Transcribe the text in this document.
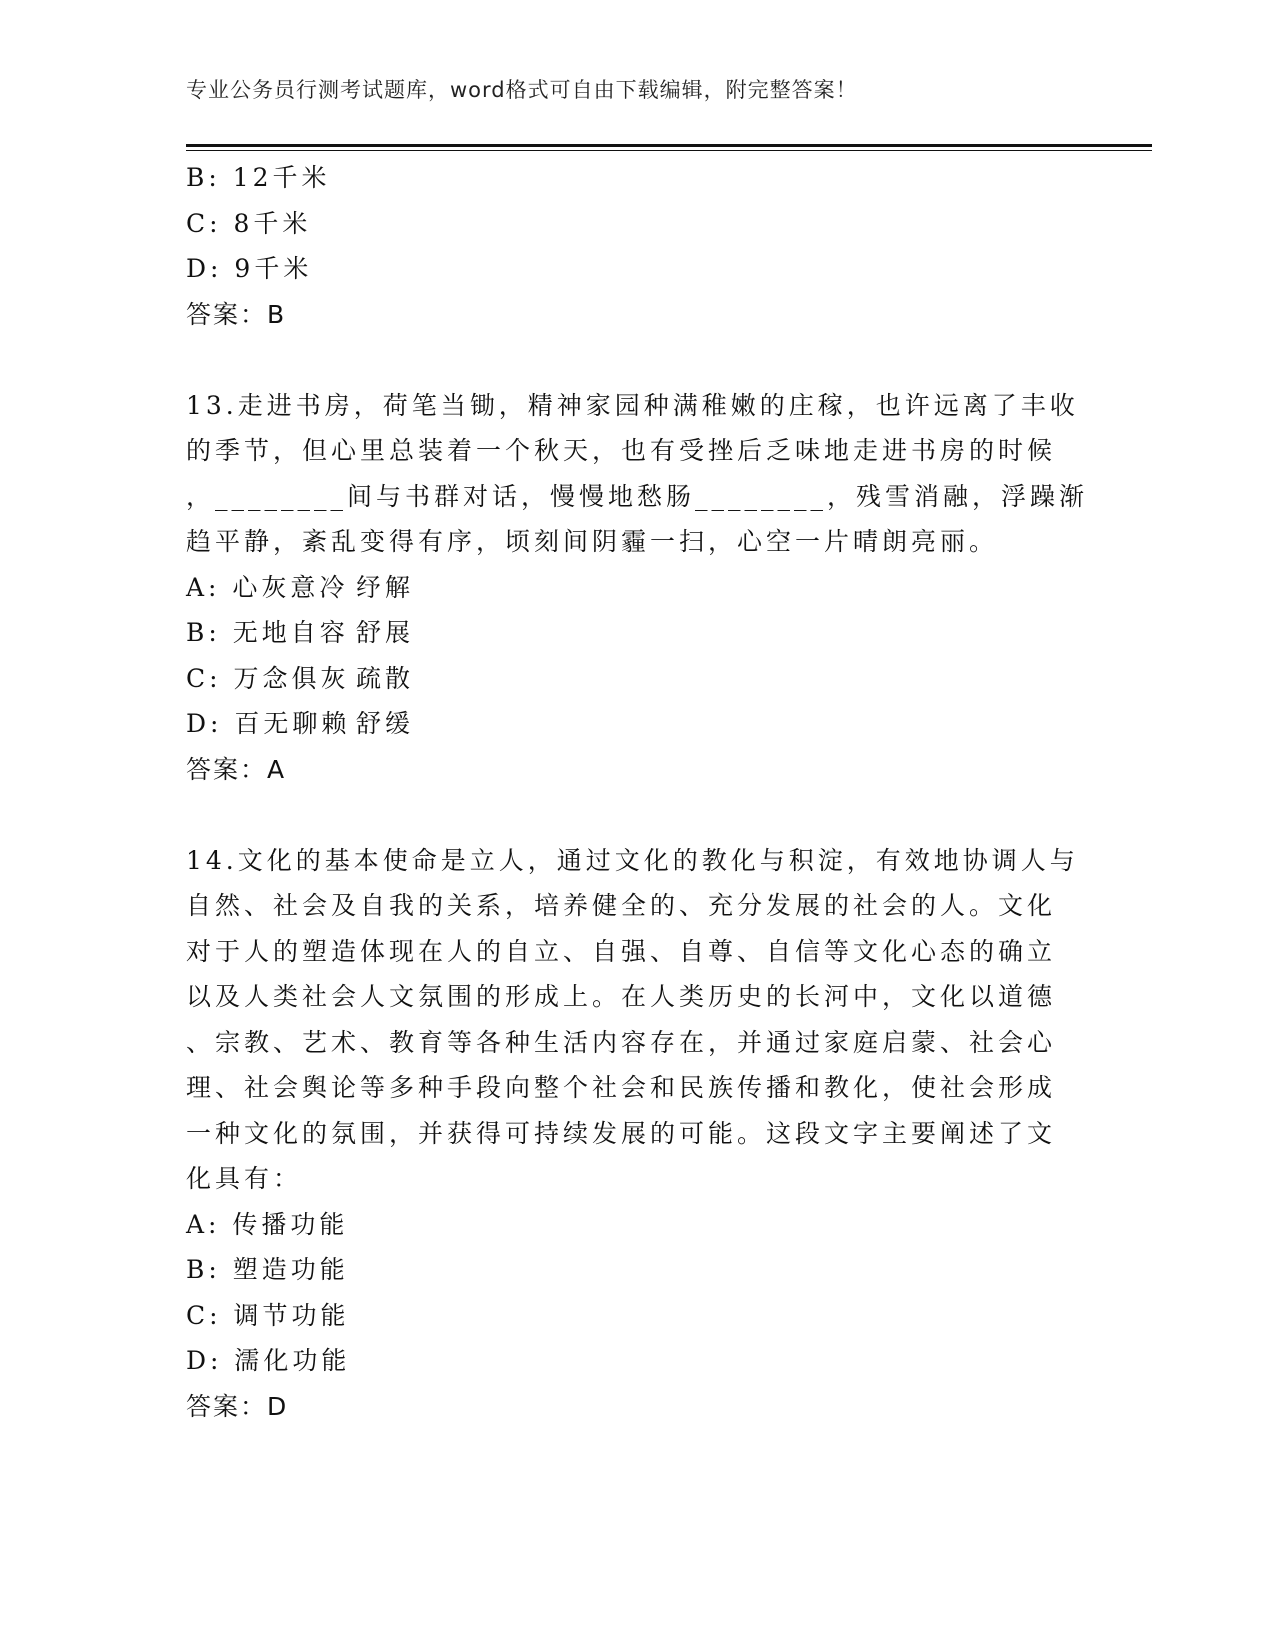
专业公务员行测考试题库，word格式可自由下载编辑，附完整答案！
B: 12千米
C: 8千米
D: 9千米
答案：B
13.走进书房，荷笔当锄，精神家园种满稚嫩的庄稼，也许远离了丰收
的季节，但心里总装着一个秋天，也有受挫后乏味地走进书房的时候
，________间与书群对话，慢慢地愁肠________，残雪消融，浮躁渐
趋平静，紊乱变得有序，顷刻间阴霾一扫，心空一片晴朗亮丽。
A: 心灰意冷 纾解
B: 无地自容 舒展
C: 万念俱灰 疏散
D: 百无聊赖 舒缓
答案：A
14.文化的基本使命是立人，通过文化的教化与积淀，有效地协调人与
自然、社会及自我的关系，培养健全的、充分发展的社会的人。文化
对于人的塑造体现在人的自立、自强、自尊、自信等文化心态的确立
以及人类社会人文氛围的形成上。在人类历史的长河中，文化以道德
、宗教、艺术、教育等各种生活内容存在，并通过家庭启蒙、社会心
理、社会舆论等多种手段向整个社会和民族传播和教化，使社会形成
一种文化的氛围，并获得可持续发展的可能。这段文字主要阐述了文
化具有：
A: 传播功能
B: 塑造功能
C: 调节功能
D: 濡化功能
答案：D
